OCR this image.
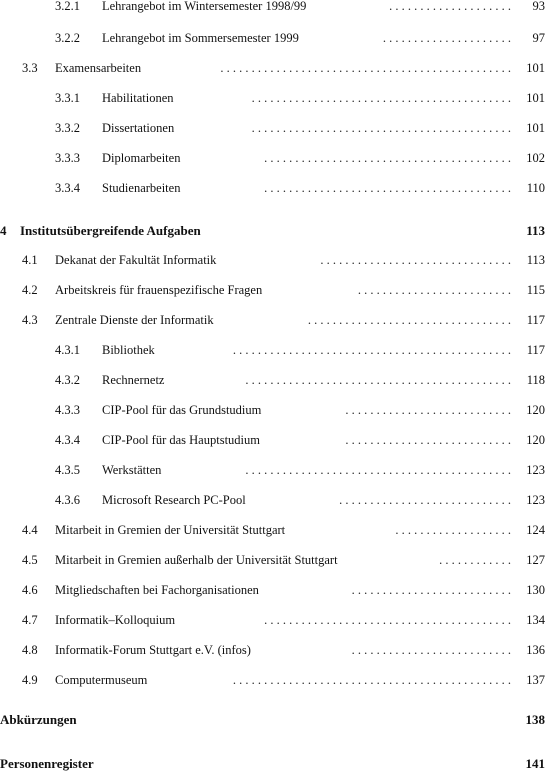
3.2.1 Lehrangebot im Wintersemester 1998/99	. . . . . . . . . . . . . . . . . . . .	93
3.2.2 Lehrangebot im Sommersemester 1999	. . . . . . . . . . . . . . . . . . . . .	97
3.3 Examensarbeiten	. . . . . . . . . . . . . . . . . . . . . . . . . . . . . . . . . . . . . . . . . . . . . . .	101
3.3.1 Habilitationen	. . . . . . . . . . . . . . . . . . . . . . . . . . . . . . . . . . . . . . . . . .	101
3.3.2 Dissertationen	. . . . . . . . . . . . . . . . . . . . . . . . . . . . . . . . . . . . . . . . . .	101
3.3.3 Diplomarbeiten	. . . . . . . . . . . . . . . . . . . . . . . . . . . . . . . . . . . . . . . .	102
3.3.4 Studienarbeiten	. . . . . . . . . . . . . . . . . . . . . . . . . . . . . . . . . . . . . . . .	110
4 Institutsübergreifende Aufgaben	113
4.1 Dekanat der Fakultät Informatik	. . . . . . . . . . . . . . . . . . . . . . . . . . . . . . .	113
4.2 Arbeitskreis für frauenspezifische Fragen	. . . . . . . . . . . . . . . . . . . . . . . . .	115
4.3 Zentrale Dienste der Informatik	. . . . . . . . . . . . . . . . . . . . . . . . . . . . . . . . .	117
4.3.1 Bibliothek	. . . . . . . . . . . . . . . . . . . . . . . . . . . . . . . . . . . . . . . . . . . . .	117
4.3.2 Rechnernetz	. . . . . . . . . . . . . . . . . . . . . . . . . . . . . . . . . . . . . . . . . . .	118
4.3.3 CIP-Pool für das Grundstudium	. . . . . . . . . . . . . . . . . . . . . . . . . . .	120
4.3.4 CIP-Pool für das Hauptstudium	. . . . . . . . . . . . . . . . . . . . . . . . . . .	120
4.3.5 Werkstätten	. . . . . . . . . . . . . . . . . . . . . . . . . . . . . . . . . . . . . . . . . . .	123
4.3.6 Microsoft Research PC-Pool	. . . . . . . . . . . . . . . . . . . . . . . . . . . .	123
4.4 Mitarbeit in Gremien der Universität Stuttgart	. . . . . . . . . . . . . . . . . . .	124
4.5 Mitarbeit in Gremien außerhalb der Universität Stuttgart	. . . . . . . . . . . .	127
4.6 Mitgliedschaften bei Fachorganisationen	. . . . . . . . . . . . . . . . . . . . . . . . . .	130
4.7 Informatik–Kolloquium	. . . . . . . . . . . . . . . . . . . . . . . . . . . . . . . . . . . . . . . .	134
4.8 Informatik-Forum Stuttgart e.V. (infos)	. . . . . . . . . . . . . . . . . . . . . . . . . .	136
4.9 Computermuseum	. . . . . . . . . . . . . . . . . . . . . . . . . . . . . . . . . . . . . . . . . . . . .	137
Abkürzungen	138
Personenregister	141
